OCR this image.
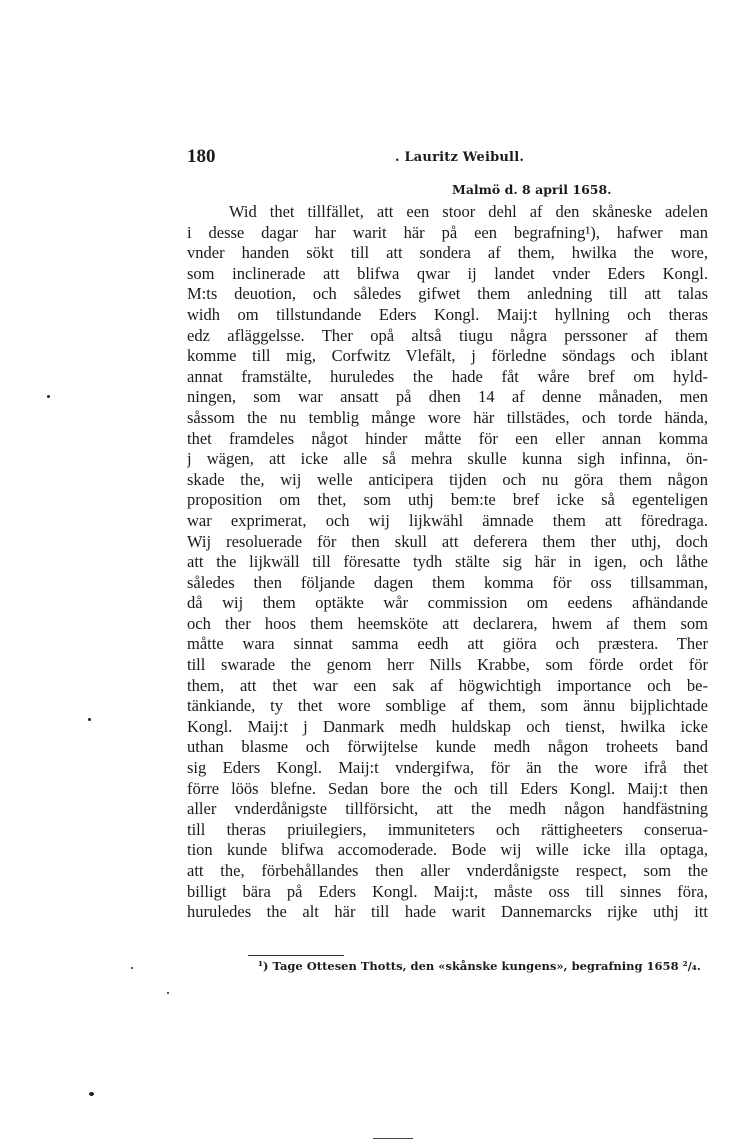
180	. Lauritz Weibull.
Malmö d. 8 april 1658.
Wid thet tillfället, att een stoor dehl af den skåneske adelen
i desse dagar har warit här på een begrafning¹), hafwer man
vnder handen sökt till att sondera af them, hwilka the wore,
som inclinerade att blifwa qwar ij landet vnder Eders Kongl.
M:ts deuotion, och således gifwet them anledning till att talas
widh om tillstundande Eders Kongl. Maij:t hyllning och theras
edz afläggelsse. Ther opå altså tiugu några perssoner af them
komme till mig, Corfwitz Vlefält, j förledne söndags och iblant
annat framstälte, huruledes the hade fåt wåre bref om hyld-
ningen, som war ansatt på dhen 14 af denne månaden, men
såssom the nu temblig månge wore här tillstädes, och torde hända,
thet framdeles något hinder måtte för een eller annan komma
j wägen, att icke alle så mehra skulle kunna sigh infinna, ön-
skade the, wij welle anticipera tijden och nu göra them någon
proposition om thet, som uthj bem:te bref icke så egenteligen
war exprimerat, och wij lijkwähl ämnade them att föredraga.
Wij resoluerade för then skull att deferera them ther uthj, doch
att the lijkwäll till föresatte tydh stälte sig här in igen, och låthe
således then följande dagen them komma för oss tillsamman,
då wij them optäkte wår commission om eedens afhändande
och ther hoos them heemsköte att declarera, hwem af them som
måtte wara sinnat samma eedh att giöra och præstera. Ther
till swarade the genom herr Nills Krabbe, som förde ordet för
them, att thet war een sak af högwichtigh importance och be-
tänkiande, ty thet wore somblige af them, som ännu bijplichtade
Kongl. Maij:t j Danmark medh huldskap och tienst, hwilka icke
uthan blasme och förwijtelse kunde medh någon troheets band
sig Eders Kongl. Maij:t vndergifwa, för än the wore ifrå thet
förre löös blefne. Sedan bore the och till Eders Kongl. Maij:t then
aller vnderdånigste tillförsicht, att the medh någon handfästning
till theras priuilegiers, immuniteters och rättigheeters conserua-
tion kunde blifwa accomoderade. Bode wij wille icke illa optaga,
att the, förbehållandes then aller vnderdånigste respect, som the
billigt bära på Eders Kongl. Maij:t, måste oss till sinnes föra,
huruledes the alt här till hade warit Dannemarcks rijke uthj itt
¹) Tage Ottesen Thotts, den «skånske kungens», begrafning 1658 ²/₄.
